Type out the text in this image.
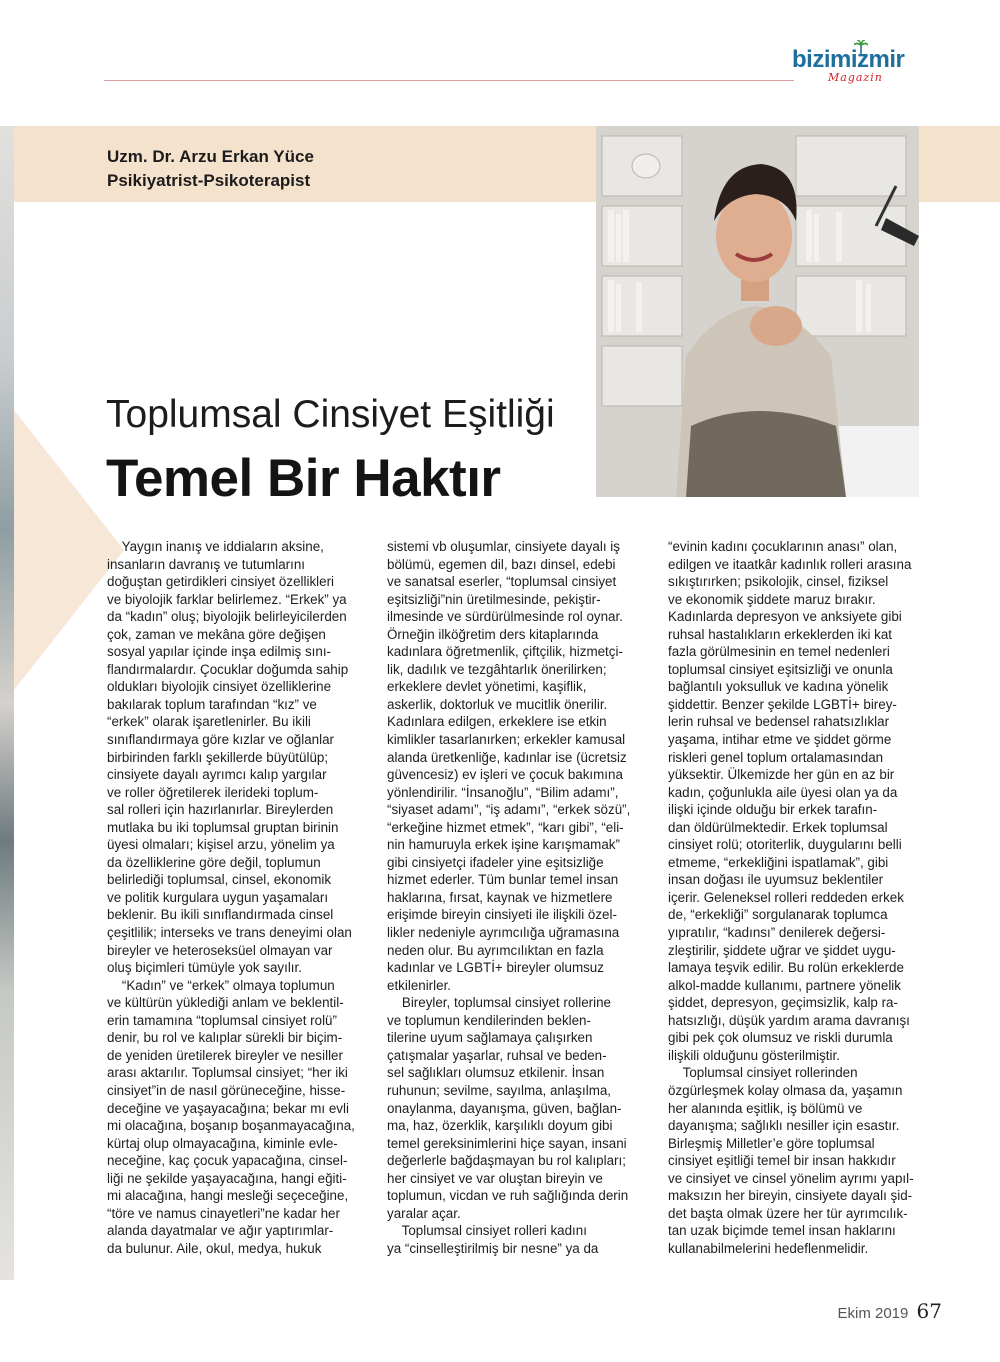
bizimizmir
Magazin
Uzm. Dr. Arzu Erkan Yüce
Psikiyatrist-Psikoterapist
Toplumsal Cinsiyet Eşitliği
Temel Bir Haktır

Yaygın inanış ve iddiaların aksine,

insanların davranış ve tutumlarını

doğuştan getirdikleri cinsiyet özellikleri

ve biyolojik farklar belirlemez. “Erkek” ya

da “kadın” oluş; biyolojik belirleyicilerden

çok, zaman ve mekâna göre değişen

sosyal yapılar içinde inşa edilmiş sını-

flandırmalardır. Çocuklar doğumda sahip

oldukları biyolojik cinsiyet özelliklerine

bakılarak toplum tarafından “kız” ve

“erkek” olarak işaretlenirler. Bu ikili

sınıflandırmaya göre kızlar ve oğlanlar

birbirinden farklı şekillerde büyütülüp;

cinsiyete dayalı ayrımcı kalıp yargılar

ve roller öğretilerek ilerideki toplum-

sal rolleri için hazırlanırlar. Bireylerden

mutlaka bu iki toplumsal gruptan birinin

üyesi olmaları; kişisel arzu, yönelim ya

da özelliklerine göre değil, toplumun

belirlediği toplumsal, cinsel, ekonomik

ve politik kurgulara uygun yaşamaları

beklenir. Bu ikili sınıflandırmada cinsel

çeşitlilik; interseks ve trans deneyimi olan

bireyler ve heteroseksüel olmayan var

oluş biçimleri tümüyle yok sayılır.

“Kadın” ve “erkek” olmaya toplumun

ve kültürün yüklediği anlam ve beklentil-

erin tamamına “toplumsal cinsiyet rolü”

denir, bu rol ve kalıplar sürekli bir biçim-

de yeniden üretilerek bireyler ve nesiller

arası aktarılır. Toplumsal cinsiyet; “her iki

cinsiyet”in de nasıl görüneceğine, hisse-

deceğine ve yaşayacağına; bekar mı evli

mi olacağına, boşanıp boşanmayacağına,

kürtaj olup olmayacağına, kiminle evle-

neceğine, kaç çocuk yapacağına, cinsel-

liği ne şekilde yaşayacağına, hangi eğiti-

mi alacağına, hangi mesleği seçeceğine,

“töre ve namus cinayetleri”ne kadar her

alanda dayatmalar ve ağır yaptırımlar-

da bulunur. Aile, okul, medya, hukuk

sistemi vb oluşumlar, cinsiyete dayalı iş

bölümü, egemen dil, bazı dinsel, edebi

ve sanatsal eserler, “toplumsal cinsiyet

eşitsizliği”nin üretilmesinde, pekiştir-

ilmesinde ve sürdürülmesinde rol oynar.

Örneğin ilköğretim ders kitaplarında

kadınlara öğretmenlik, çiftçilik, hizmetçi-

lik, dadılık ve tezgâhtarlık önerilirken;

erkeklere devlet yönetimi, kaşiflik,

askerlik, doktorluk ve mucitlik önerilir.

Kadınlara edilgen, erkeklere ise etkin

kimlikler tasarlanırken; erkekler kamusal

alanda üretkenliğe, kadınlar ise (ücretsiz

güvencesiz) ev işleri ve çocuk bakımına

yönlendirilir. “İnsanoğlu”, “Bilim adamı”,

“siyaset adamı”, “iş adamı”, “erkek sözü”,

“erkeğine hizmet etmek”, “karı gibi”, “eli-

nin hamuruyla erkek işine karışmamak”

gibi cinsiyetçi ifadeler yine eşitsizliğe

hizmet ederler. Tüm bunlar temel insan

haklarına, fırsat, kaynak ve hizmetlere

erişimde bireyin cinsiyeti ile ilişkili özel-

likler nedeniyle ayrımcılığa uğramasına

neden olur. Bu ayrımcılıktan en fazla

kadınlar ve LGBTİ+ bireyler olumsuz

etkilenirler.

Bireyler, toplumsal cinsiyet rollerine

ve toplumun kendilerinden beklen-

tilerine uyum sağlamaya çalışırken

çatışmalar yaşarlar, ruhsal ve beden-

sel sağlıkları olumsuz etkilenir. İnsan

ruhunun; sevilme, sayılma, anlaşılma,

onaylanma, dayanışma, güven, bağlan-

ma, haz, özerklik, karşılıklı doyum gibi

temel gereksinimlerini hiçe sayan, insani

değerlerle bağdaşmayan bu rol kalıpları;

her cinsiyet ve var oluştan bireyin ve

toplumun, vicdan ve ruh sağlığında derin

yaralar açar.

Toplumsal cinsiyet rolleri kadını

ya “cinselleştirilmiş bir nesne” ya da

“evinin kadını çocuklarının anası” olan,

edilgen ve itaatkâr kadınlık rolleri arasına

sıkıştırırken; psikolojik, cinsel, fiziksel

ve ekonomik şiddete maruz bırakır.

Kadınlarda depresyon ve anksiyete gibi

ruhsal hastalıkların erkeklerden iki kat

fazla görülmesinin en temel nedenleri

toplumsal cinsiyet eşitsizliği ve onunla

bağlantılı yoksulluk ve kadına yönelik

şiddettir. Benzer şekilde LGBTİ+ birey-

lerin ruhsal ve bedensel rahatsızlıklar

yaşama, intihar etme ve şiddet görme

riskleri genel toplum ortalamasından

yüksektir. Ülkemizde her gün en az bir

kadın, çoğunlukla aile üyesi olan ya da

ilişki içinde olduğu bir erkek tarafın-

dan öldürülmektedir. Erkek toplumsal

cinsiyet rolü; otoriterlik, duygularını belli

etmeme, “erkekliğini ispatlamak”, gibi

insan doğası ile uyumsuz beklentiler

içerir. Geleneksel rolleri reddeden erkek

de, “erkekliği” sorgulanarak toplumca

yıpratılır, “kadınsı” denilerek değersi-

zleştirilir, şiddete uğrar ve şiddet uygu-

lamaya teşvik edilir. Bu rolün erkeklerde

alkol-madde kullanımı, partnere yönelik

şiddet, depresyon, geçimsizlik, kalp ra-

hatsızlığı, düşük yardım arama davranışı

gibi pek çok olumsuz ve riskli durumla

ilişkili olduğunu gösterilmiştir.

Toplumsal cinsiyet rollerinden

özgürleşmek kolay olmasa da, yaşamın

her alanında eşitlik, iş bölümü ve

dayanışma; sağlıklı nesiller için esastır.

Birleşmiş Milletler’e göre toplumsal

cinsiyet eşitliği temel bir insan hakkıdır

ve cinsiyet ve cinsel yönelim ayrımı yapıl-

maksızın her bireyin, cinsiyete dayalı şid-

det başta olmak üzere her tür ayrımcılık-

tan uzak biçimde temel insan haklarını

kullanabilmelerini hedeflenmelidir.

Ekim 2019 67
